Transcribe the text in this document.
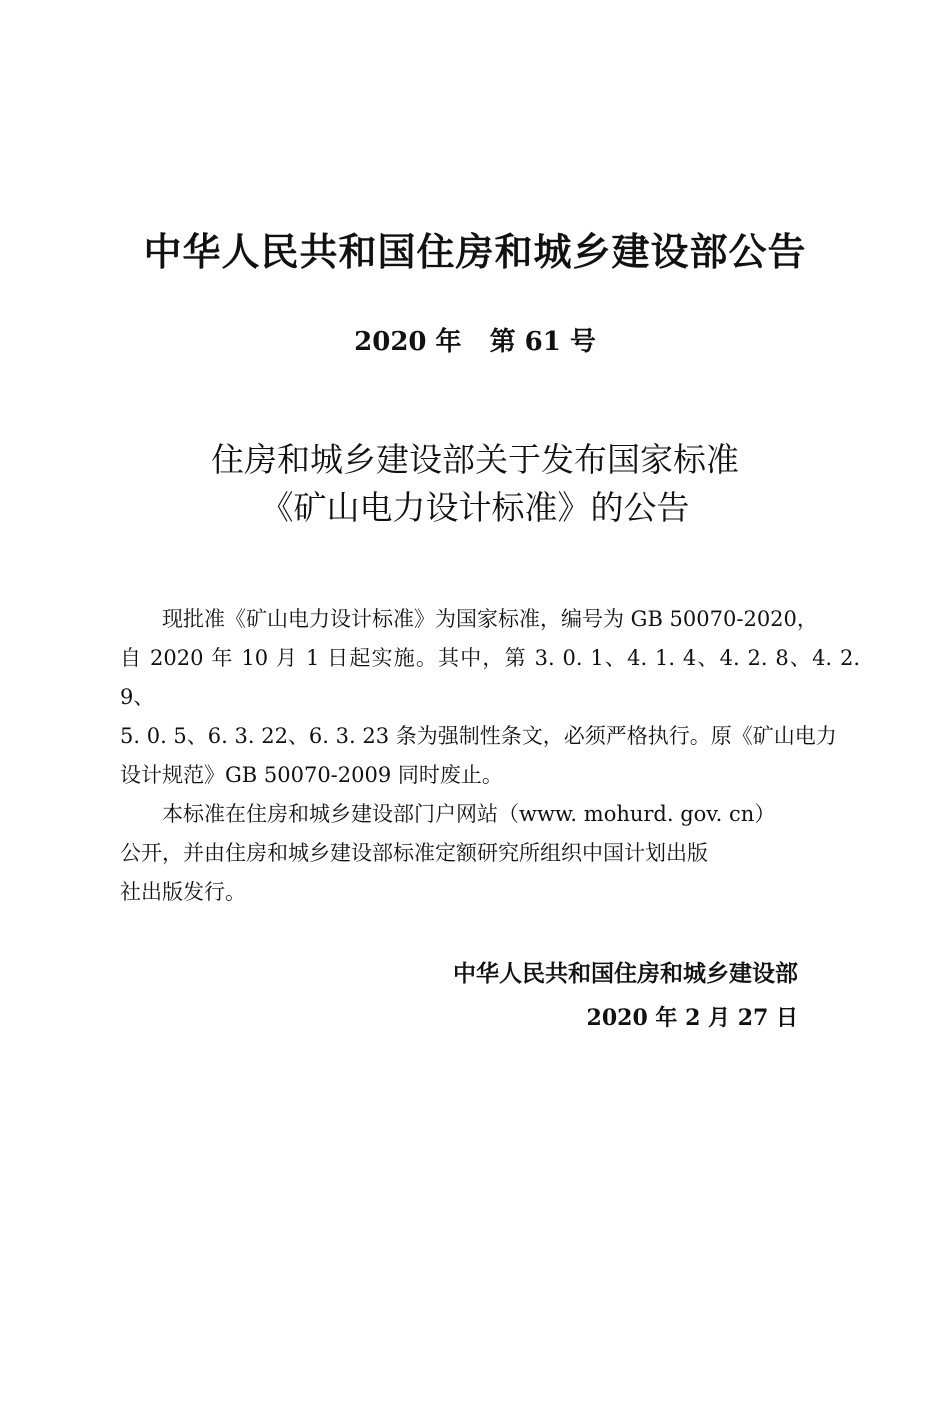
中华人民共和国住房和城乡建设部公告
2020 年 第 61 号
住房和城乡建设部关于发布国家标准
《矿山电力设计标准》的公告

现批准《矿山电力设计标准》为国家标准，编号为 GB 50070-2020，
自 2020 年 10 月 1 日起实施。其中，第 3. 0. 1、4. 1. 4、4. 2. 8、4. 2. 9、
5. 0. 5、6. 3. 22、6. 3. 23 条为强制性条文，必须严格执行。原《矿山电力
设计规范》GB 50070-2009 同时废止。

本标准在住房和城乡建设部门户网站（www. mohurd. gov. cn）
公开，并由住房和城乡建设部标准定额研究所组织中国计划出版
社出版发行。

中华人民共和国住房和城乡建设部
2020 年 2 月 27 日
